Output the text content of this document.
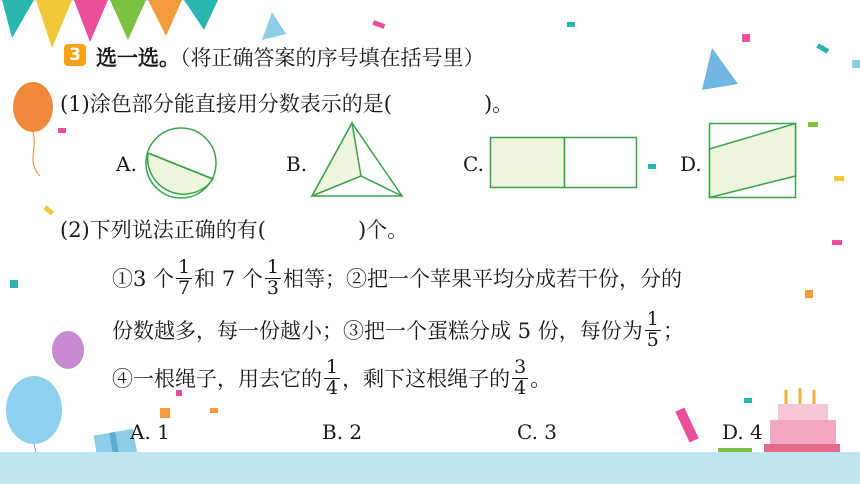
3 选一选。（将正确答案的序号填在括号里）
(1)涂色部分能直接用分数表示的是(	)。
A.	B.	C.	D.
(2)下列说法正确的有(	)个。
①3 个 $\frac{1}{7}$ 和 7 个 $\frac{1}{3}$ 相等；②把一个苹果平均分成若干份，分的
份数越多，每一份越小；③把一个蛋糕分成 5 份，每份为 $\frac{1}{5}$ ；
④一根绳子，用去它的 $\frac{1}{4}$ ，剩下这根绳子的 $\frac{3}{4}$ 。
A. 1	B. 2	C. 3	D. 4
